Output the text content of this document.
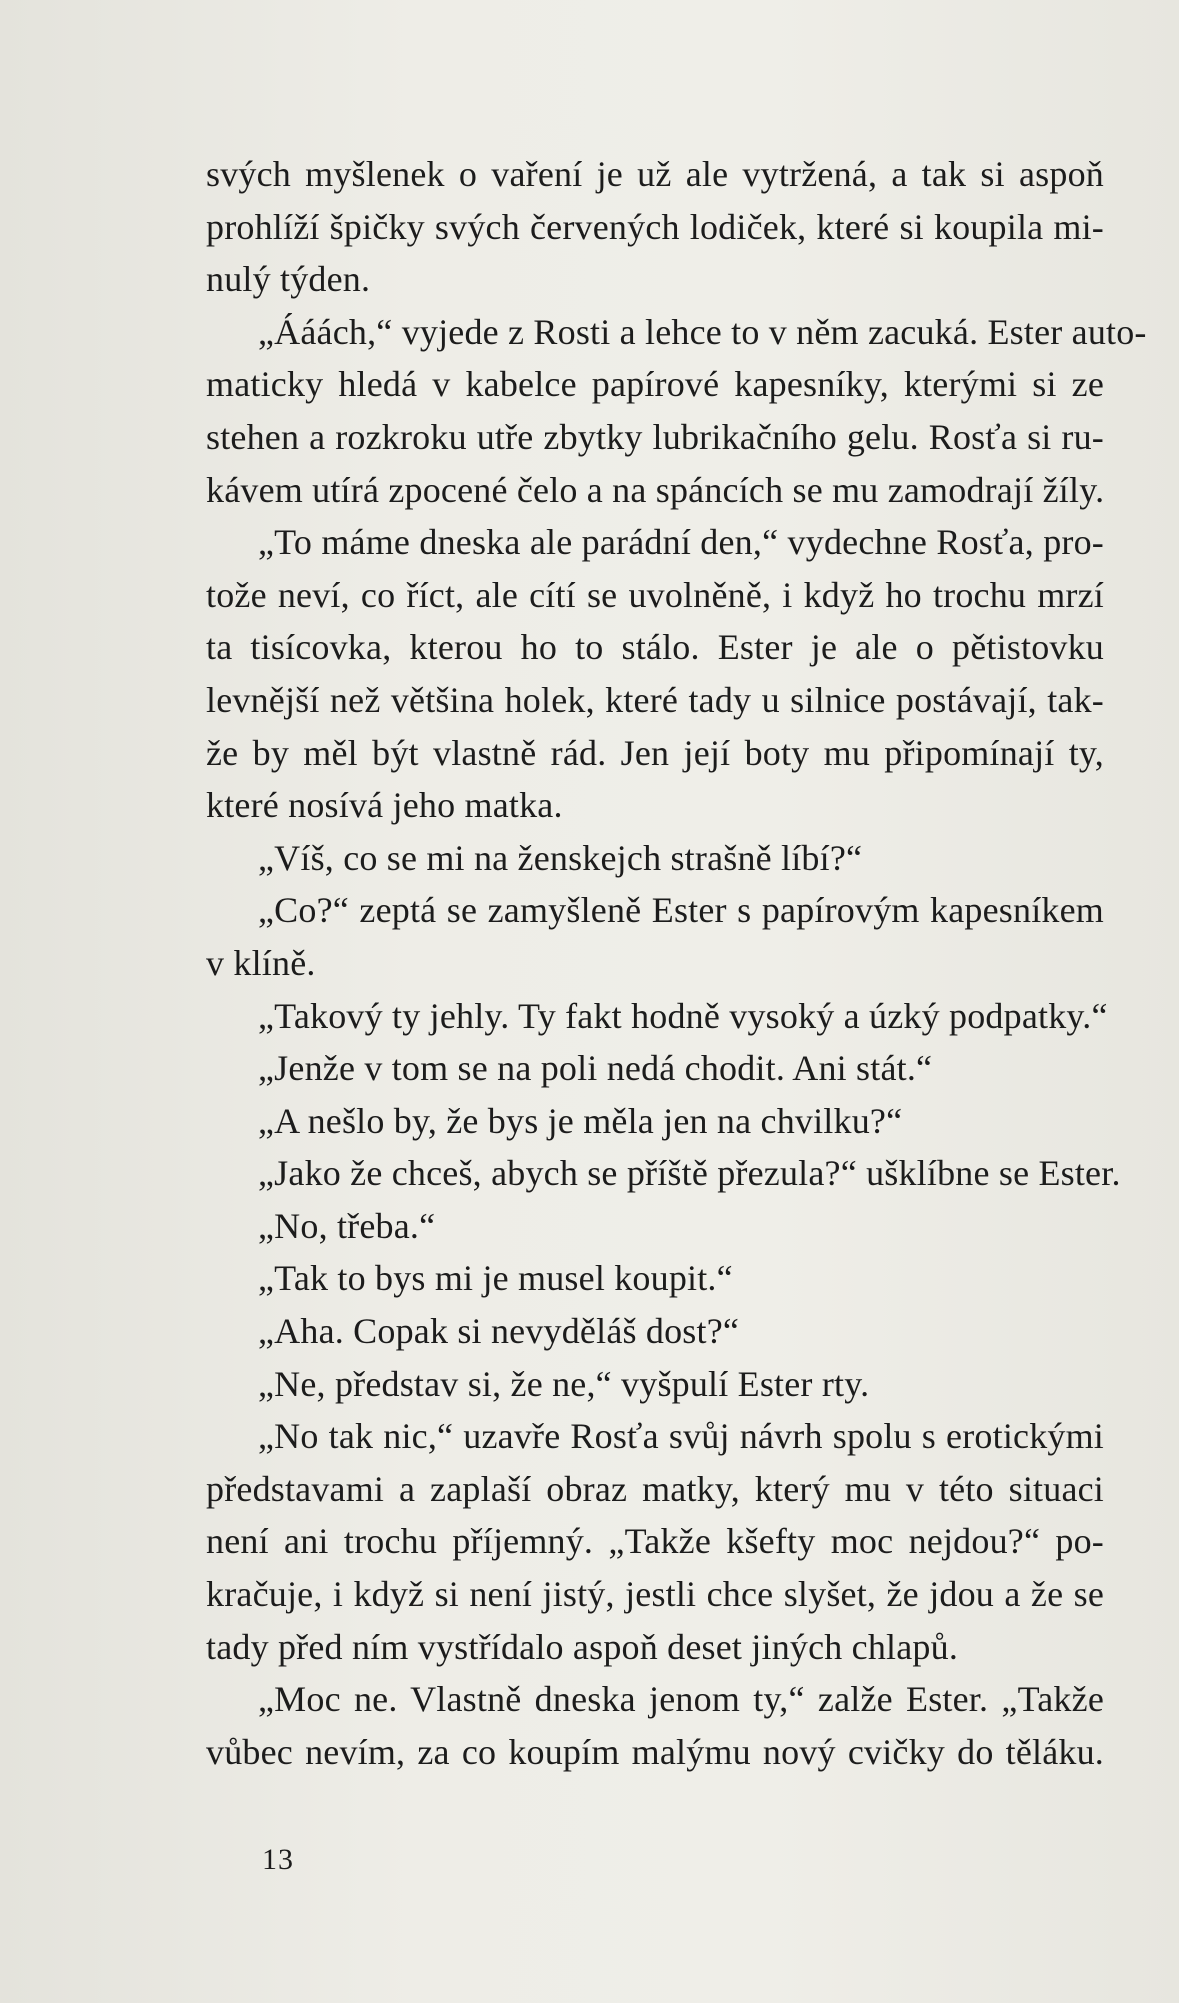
svých myšlenek o vaření je už ale vytržená, a tak si aspoň
prohlíží špičky svých červených lodiček, které si koupila mi-
nulý týden.
„Ááách,“ vyjede z Rosti a lehce to v něm zacuká. Ester auto-
maticky hledá v kabelce papírové kapesníky, kterými si ze
stehen a rozkroku utře zbytky lubrikačního gelu. Rosťa si ru-
kávem utírá zpocené čelo a na spáncích se mu zamodrají žíly.
„To máme dneska ale parádní den,“ vydechne Rosťa, pro-
tože neví, co říct, ale cítí se uvolněně, i když ho trochu mrzí
ta tisícovka, kterou ho to stálo. Ester je ale o pětistovku
levnější než většina holek, které tady u silnice postávají, tak-
že by měl být vlastně rád. Jen její boty mu připomínají ty,
které nosívá jeho matka.
„Víš, co se mi na ženskejch strašně líbí?“
„Co?“ zeptá se zamyšleně Ester s papírovým kapesníkem
v klíně.
„Takový ty jehly. Ty fakt hodně vysoký a úzký podpatky.“
„Jenže v tom se na poli nedá chodit. Ani stát.“
„A nešlo by, že bys je měla jen na chvilku?“
„Jako že chceš, abych se příště přezula?“ ušklíbne se Ester.
„No, třeba.“
„Tak to bys mi je musel koupit.“
„Aha. Copak si nevyděláš dost?“
„Ne, představ si, že ne,“ vyšpulí Ester rty.
„No tak nic,“ uzavře Rosťa svůj návrh spolu s erotickými
představami a zaplaší obraz matky, který mu v této situaci
není ani trochu příjemný. „Takže kšefty moc nejdou?“ po-
kračuje, i když si není jistý, jestli chce slyšet, že jdou a že se
tady před ním vystřídalo aspoň deset jiných chlapů.
„Moc ne. Vlastně dneska jenom ty,“ zalže Ester. „Takže
vůbec nevím, za co koupím malýmu nový cvičky do těláku.
13
